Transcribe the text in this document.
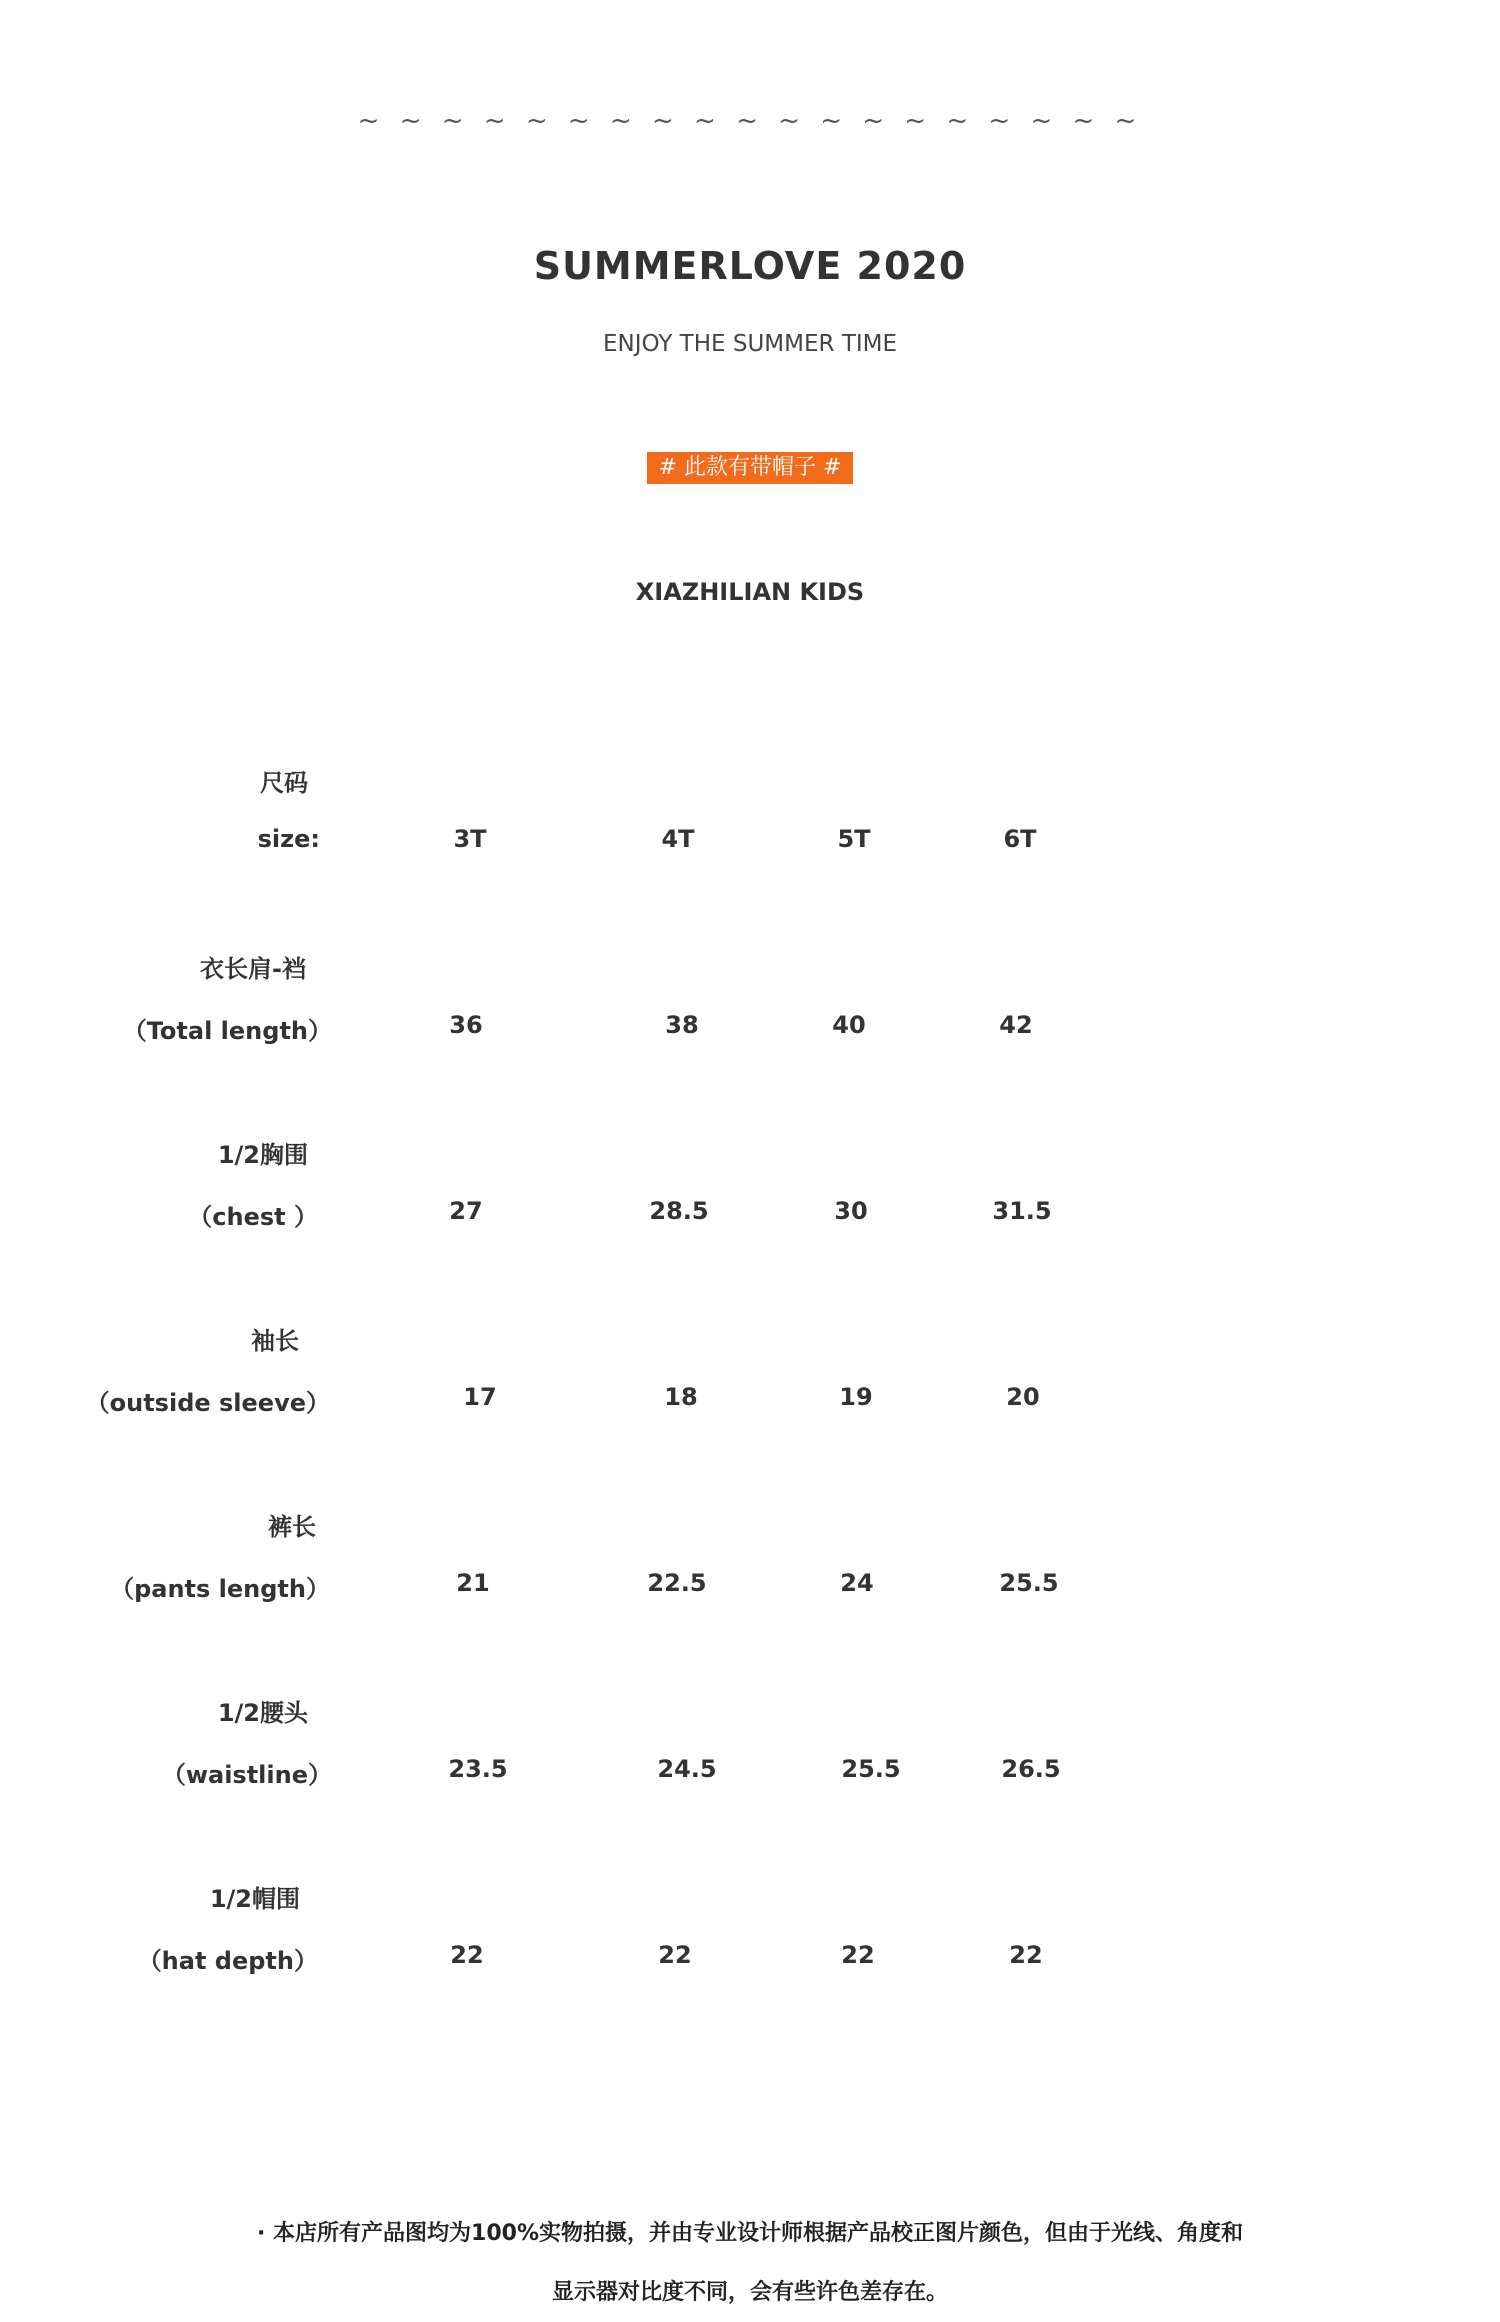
~ ~ ~ ~ ~ ~ ~ ~ ~ ~ ~ ~ ~ ~ ~ ~ ~ ~ ~
SUMMERLOVE 2020
ENJOY THE SUMMER TIME
# 此款有带帽子 #
XIAZHILIAN KIDS
尺码
size:	3T	4T	5T	6T
衣长肩-裆
（Total length）	36	38	40	42
1/2胸围
（chest ）	27	28.5	30	31.5
袖长
（outside sleeve）	17	18	19	20
裤长
（pants length）	21	22.5	24	25.5
1/2腰头
（waistline）	23.5	24.5	25.5	26.5
1/2帽围
（hat depth）	22	22	22	22
· 本店所有产品图均为100%实物拍摄，并由专业设计师根据产品校正图片颜色，但由于光线、角度和
显示器对比度不同，会有些许色差存在。
